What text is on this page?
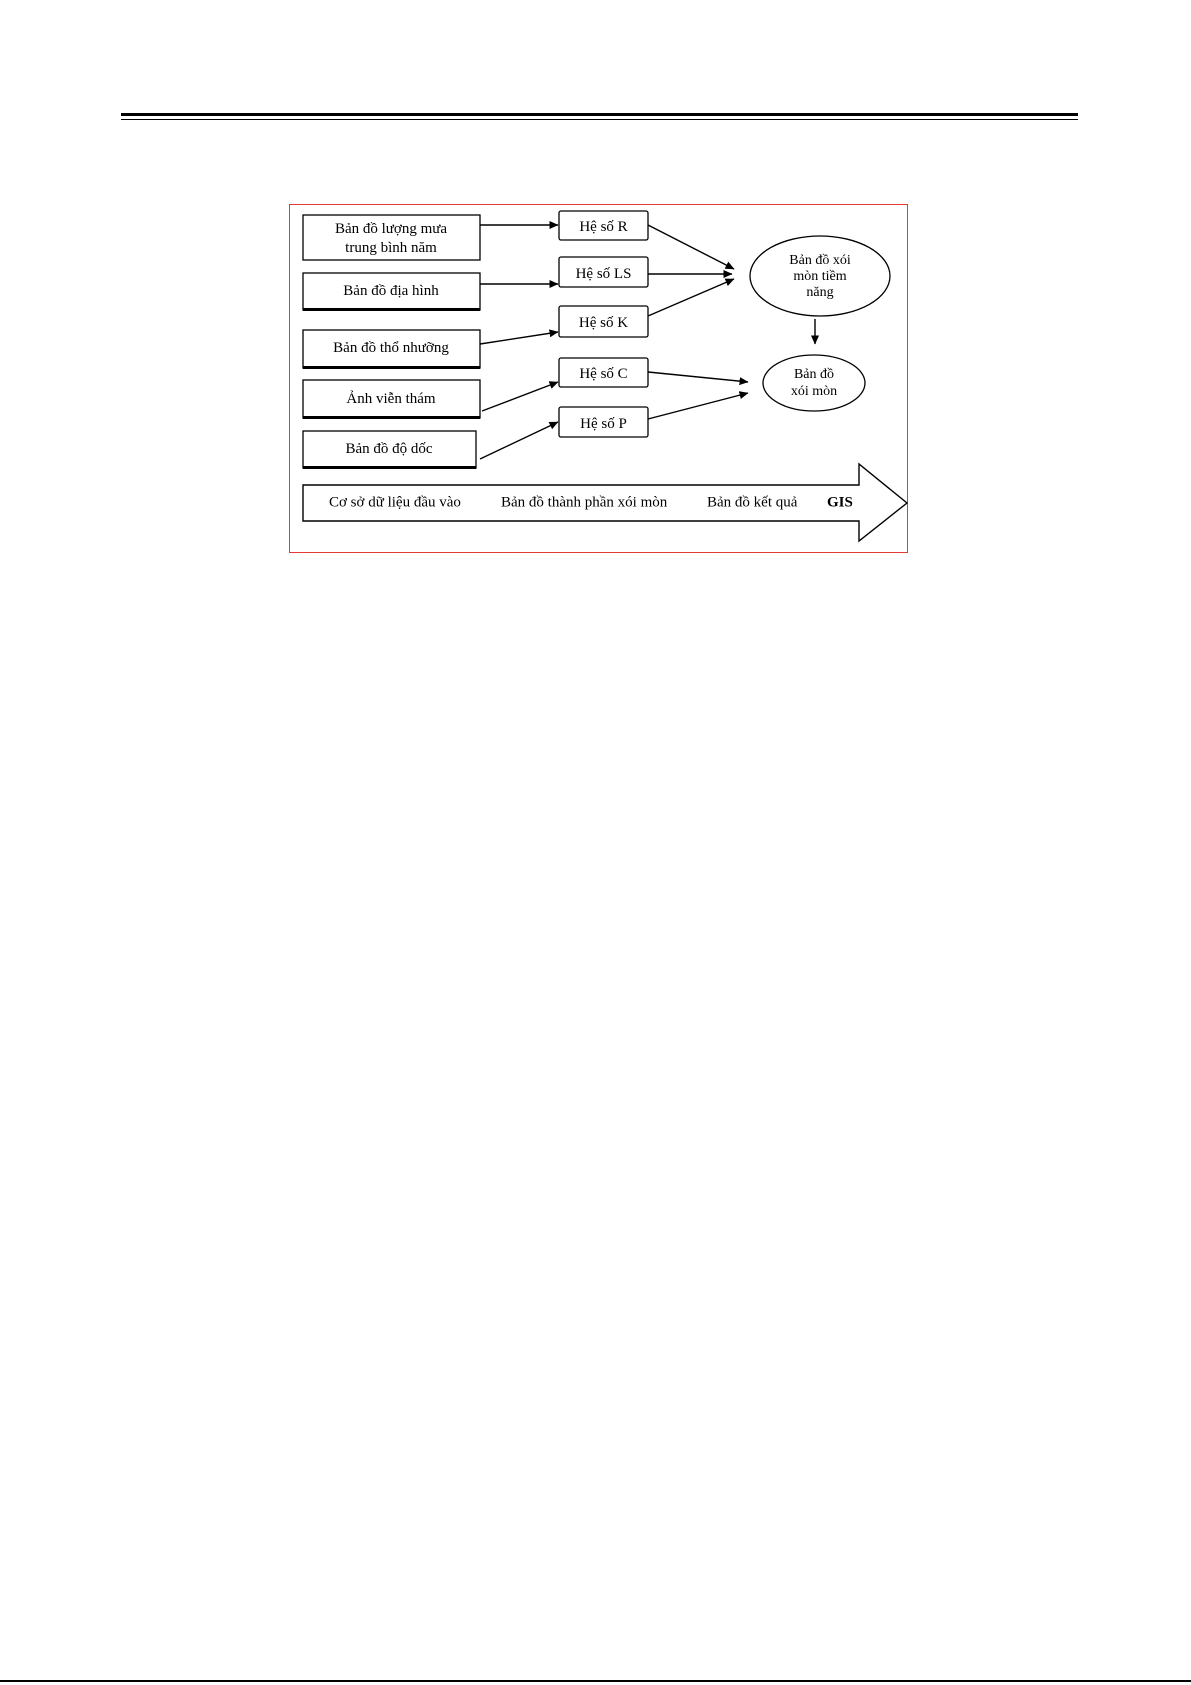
Bản đồ lượng mưa
trung bình năm
Bản đồ địa hình
Bản đồ thổ nhưỡng
Ảnh viễn thám
Bản đồ độ dốc
Hệ số R
Hệ số LS
Hệ số K
Hệ số C
Hệ số P
Bản đồ xói
mòn tiềm
năng
Bản đồ
xói mòn
Cơ sở dữ liệu đầu vào	Bản đồ thành phần xói mòn	Bản đồ kết quả GIS
